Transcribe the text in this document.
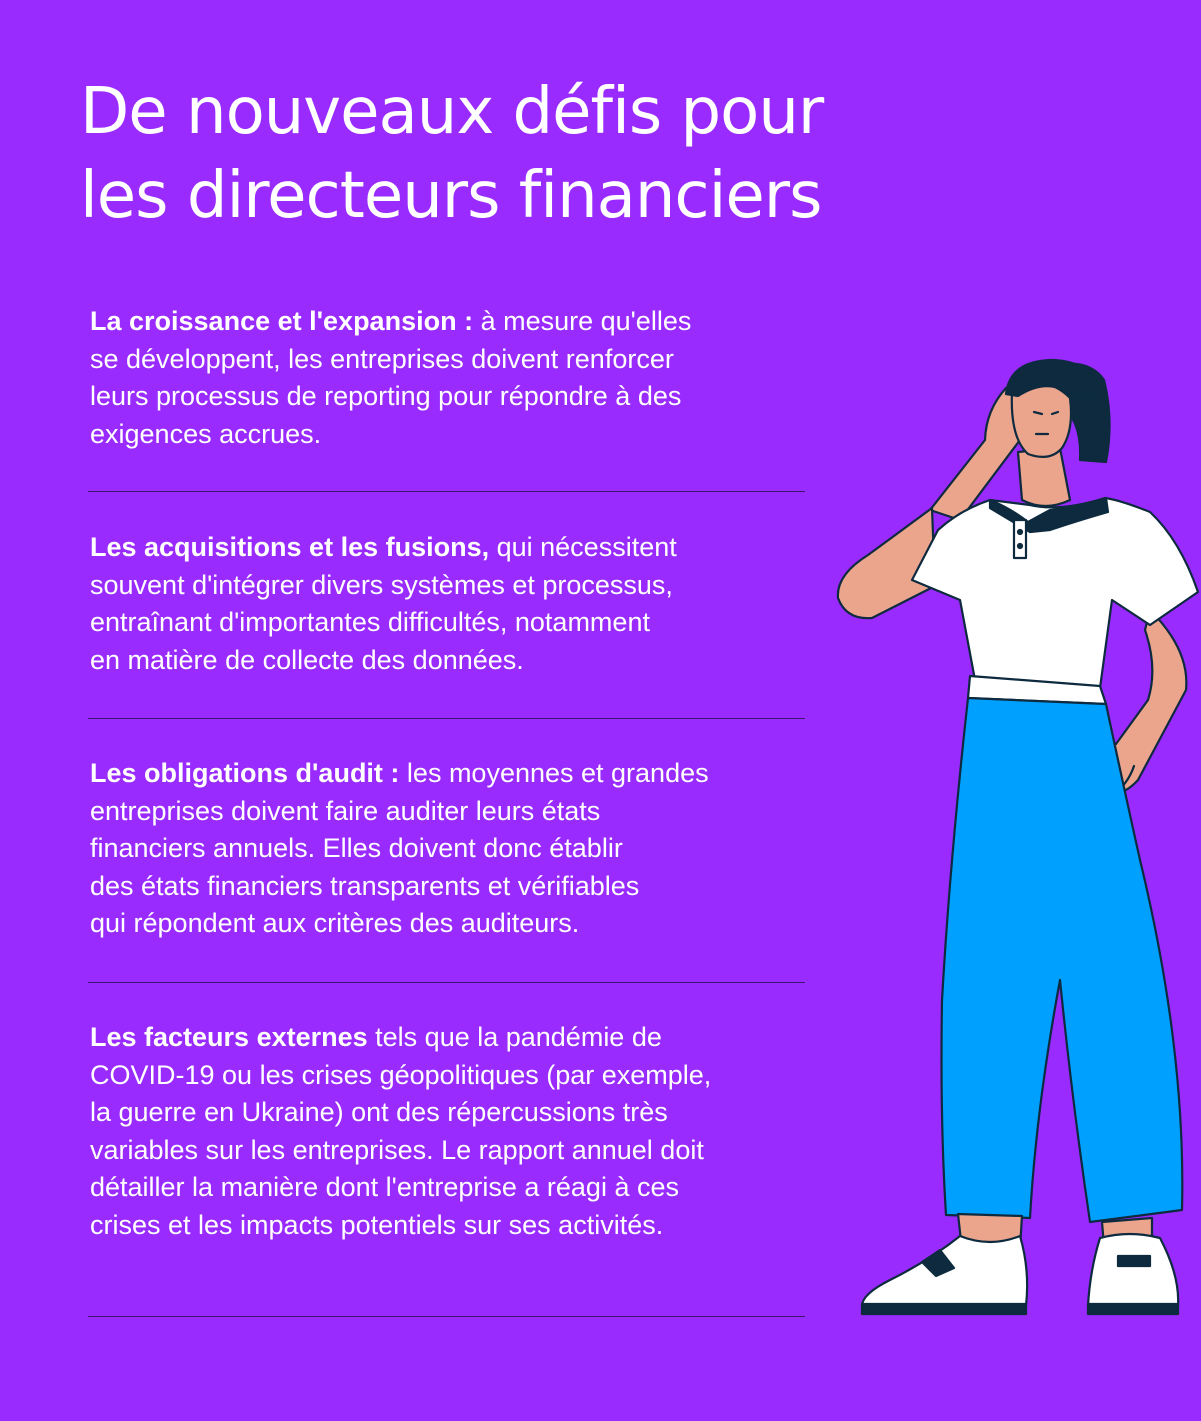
De nouveaux défis pour
les directeurs financiers

La croissance et l'expansion : à mesure qu'elles

se développent, les entreprises doivent renforcer

leurs processus de reporting pour répondre à des

exigences accrues.

Les acquisitions et les fusions, qui nécessitent

souvent d'intégrer divers systèmes et processus,

entraînant d'importantes difficultés, notamment

en matière de collecte des données.

Les obligations d'audit : les moyennes et grandes

entreprises doivent faire auditer leurs états

financiers annuels. Elles doivent donc établir

des états financiers transparents et vérifiables

qui répondent aux critères des auditeurs.

Les facteurs externes tels que la pandémie de

COVID-19 ou les crises géopolitiques (par exemple,

la guerre en Ukraine) ont des répercussions très

variables sur les entreprises. Le rapport annuel doit

détailler la manière dont l'entreprise a réagi à ces

crises et les impacts potentiels sur ses activités.
